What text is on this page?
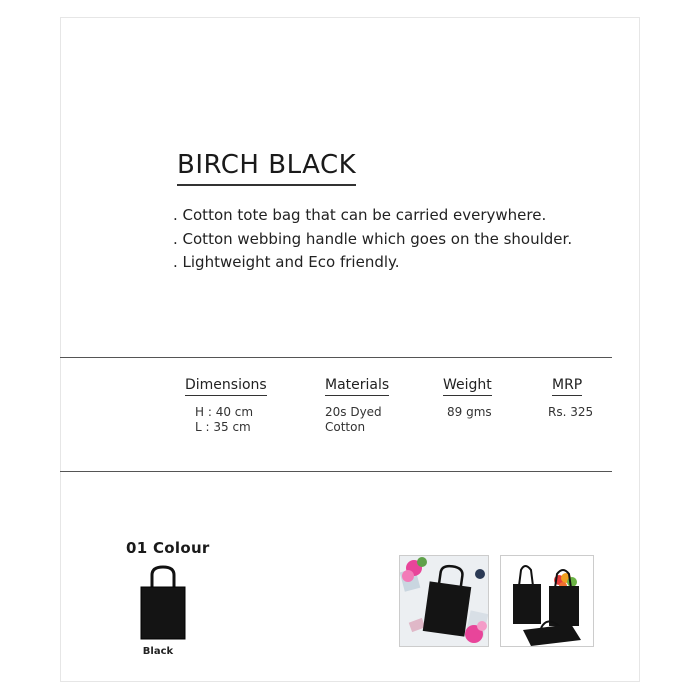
BIRCH BLACK
. Cotton tote bag that can be carried everywhere.
. Cotton webbing handle which goes on the shoulder.
. Lightweight and Eco friendly.
Dimensions
H : 40 cm
L : 35 cm
Materials
20s Dyed
Cotton
Weight
89 gms
MRP
Rs. 325
01 Colour
Black
